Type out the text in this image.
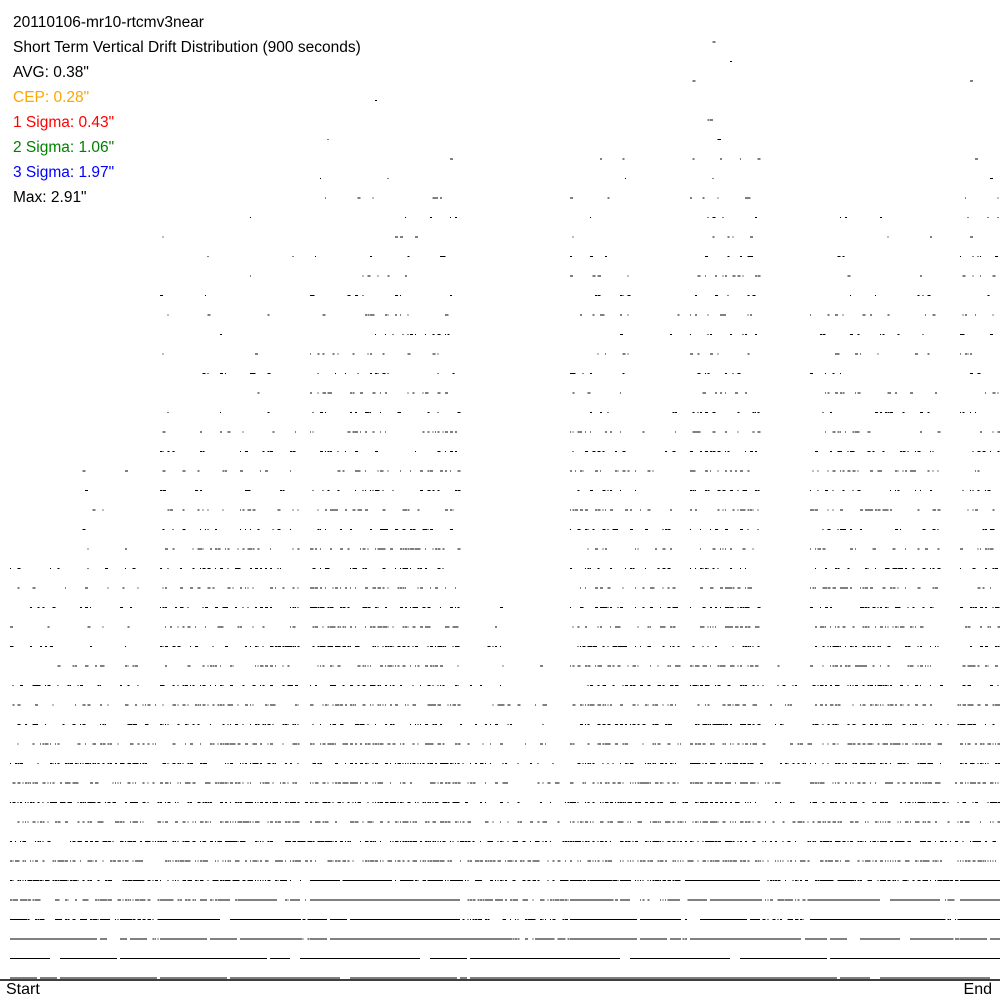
20110106-mr10-rtcmv3near
Short Term Vertical Drift Distribution (900 seconds)
AVG: 0.38"
CEP: 0.28"
1 Sigma: 0.43"
2 Sigma: 1.06"
3 Sigma: 1.97"
Max: 2.91"
Start	End
